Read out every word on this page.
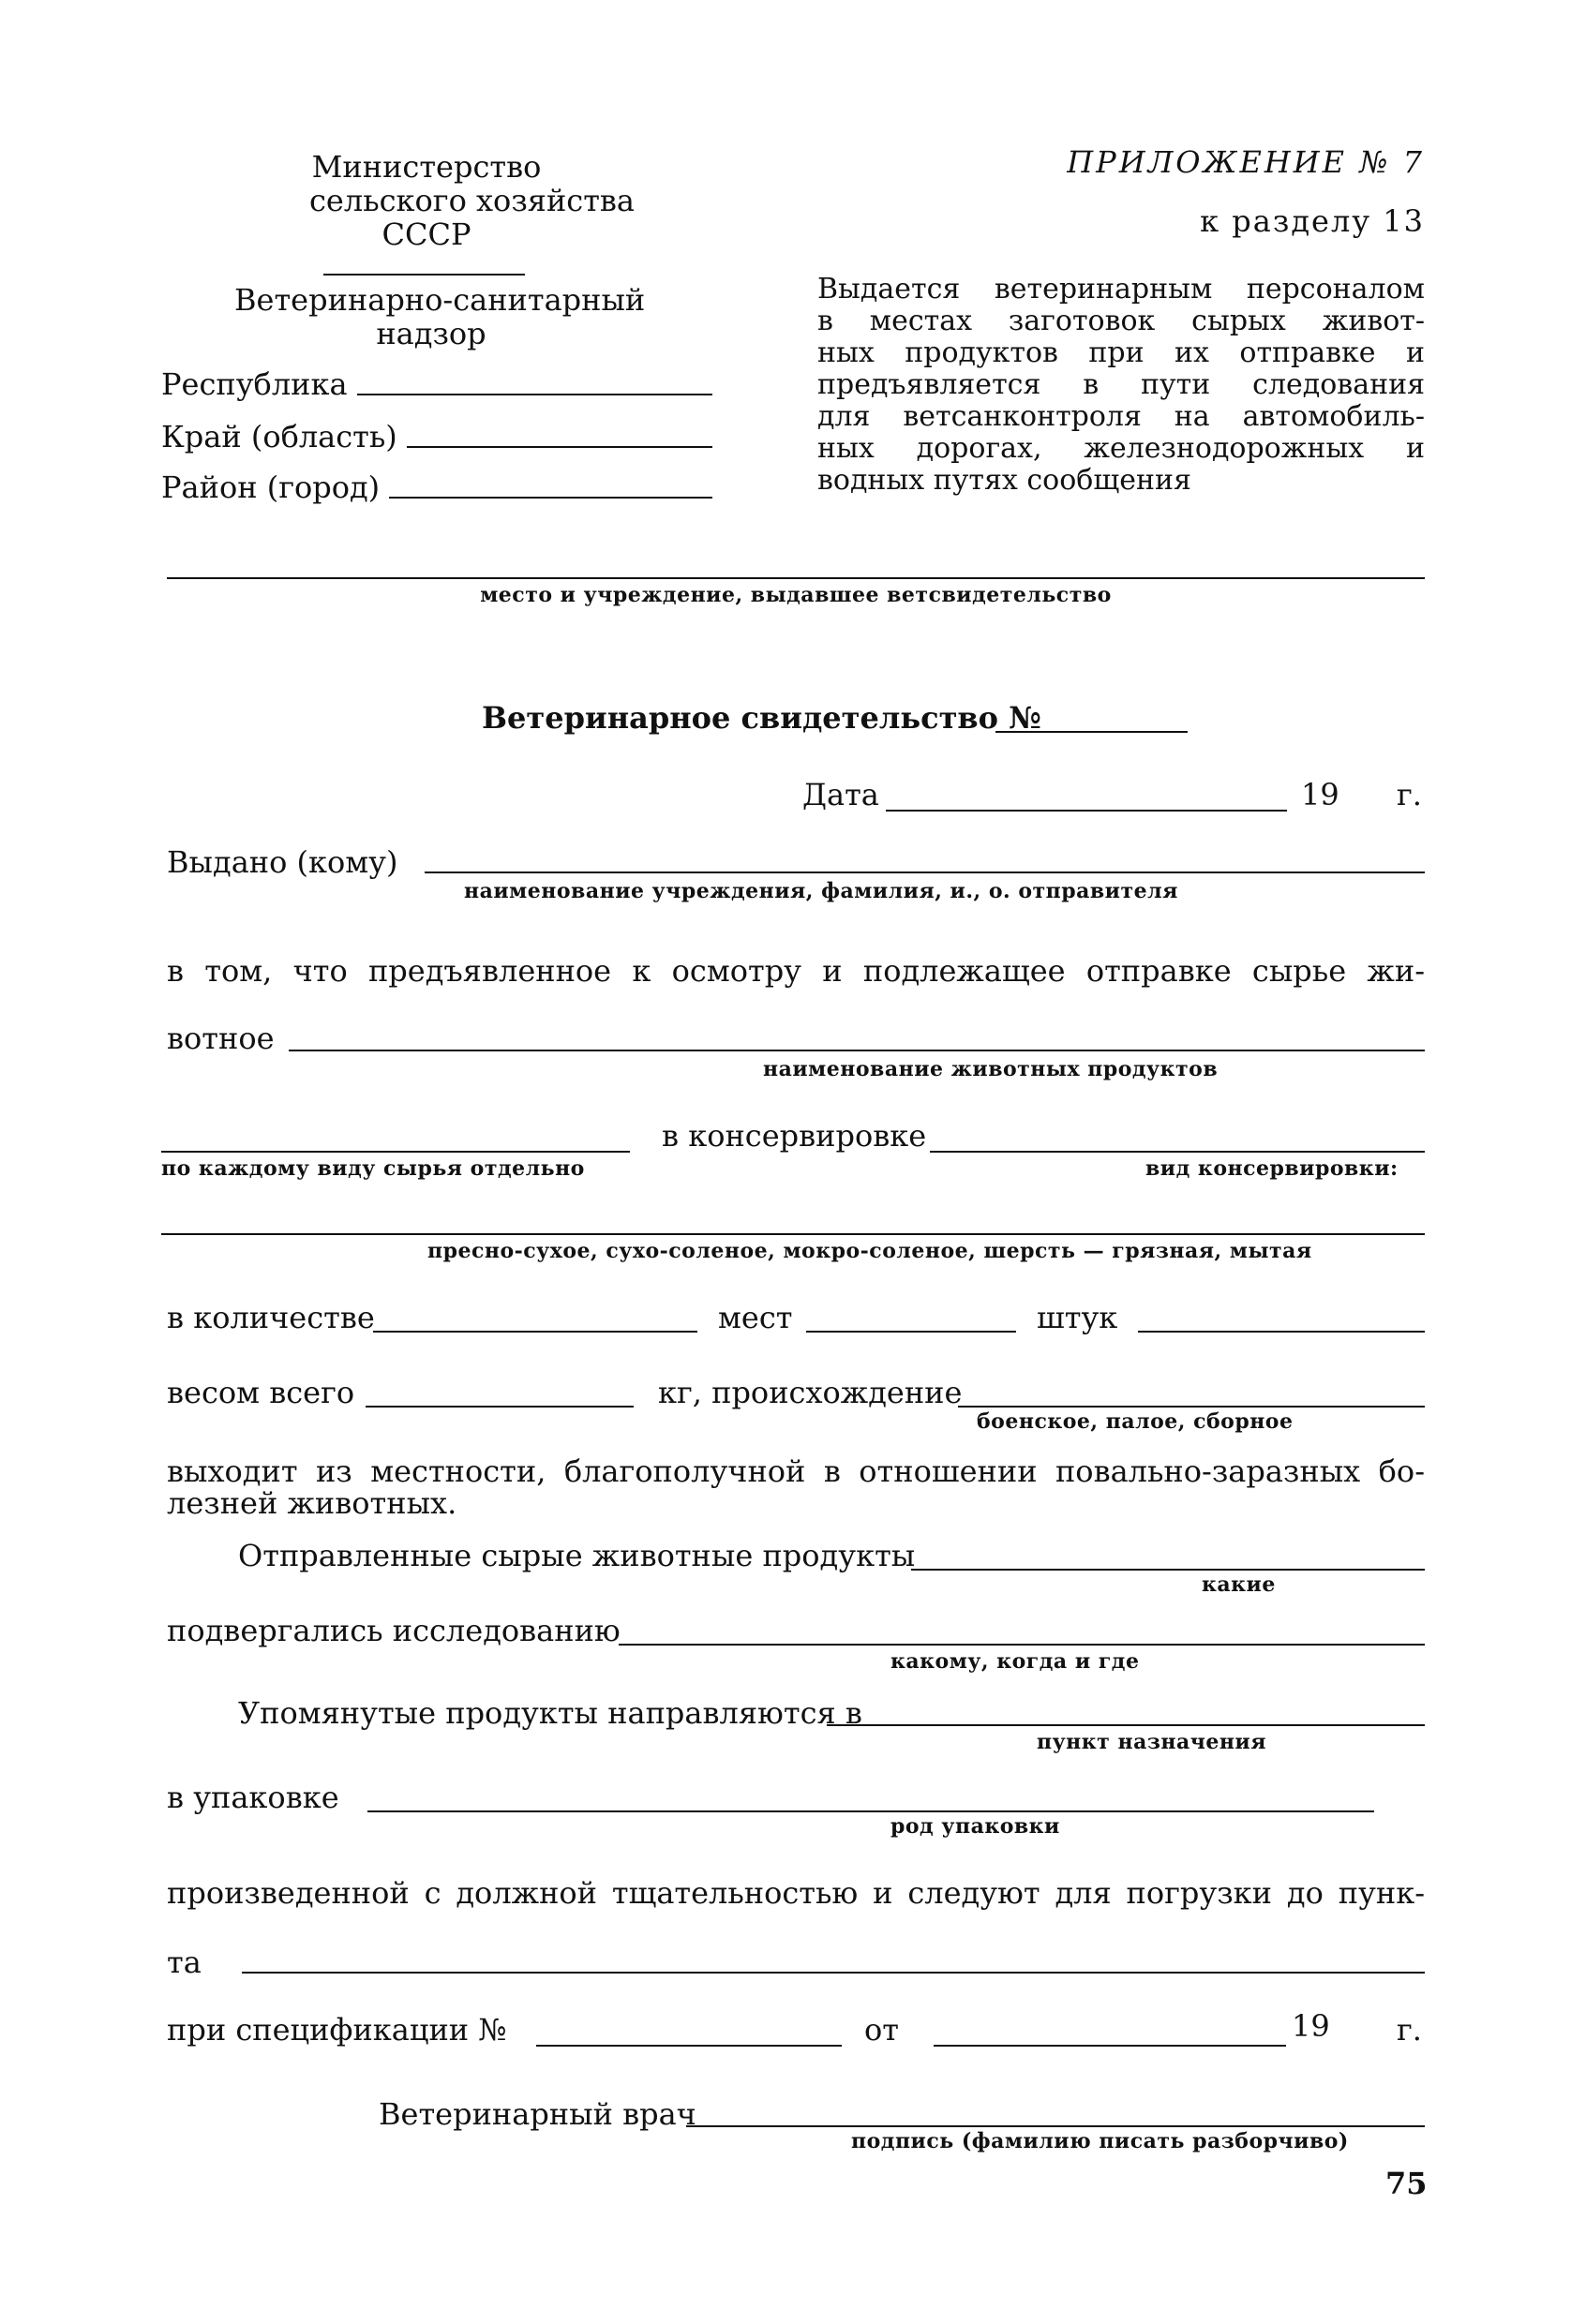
Министерство
сельского хозяйства
СССР
Ветеринарно-санитарный
надзор
Республика
Край (область)
Район (город)
ПРИЛОЖЕНИЕ № 7
к разделу 13
Выдается ветеринарным персоналом
в местах заготовок сырых живот-
ных продуктов при их отправке и
предъявляется в пути следования
для ветсанконтроля на автомобиль-
ных дорогах, железнодорожных и
водных путях сообщения
место и учреждение, выдавшее ветсвидетельство
Ветеринарное свидетельство №
Дата	19 г.
Выдано (кому)
наименование учреждения, фамилия, и., о. отправителя
в том, что предъявленное к осмотру и подлежащее отправке сырье жи-
вотное
наименование животных продуктов
в консервировке
по каждому виду сырья отдельно	вид консервировки:
пресно-сухое, сухо-соленое, мокро-соленое, шерсть — грязная, мытая
в количестве	мест	штук
весом всего	кг, происхождение
боенское, палое, сборное
выходит из местности, благополучной в отношении повально-заразных бо-
лезней животных.
Отправленные сырые животные продукты
какие
подвергались исследованию
какому, когда и где
Упомянутые продукты направляются в
пункт назначения
в упаковке
род упаковки
произведенной с должной тщательностью и следуют для погрузки до пунк-
та
при спецификации №	от	19 г.
Ветеринарный врач
подпись (фамилию писать разборчиво)
75
